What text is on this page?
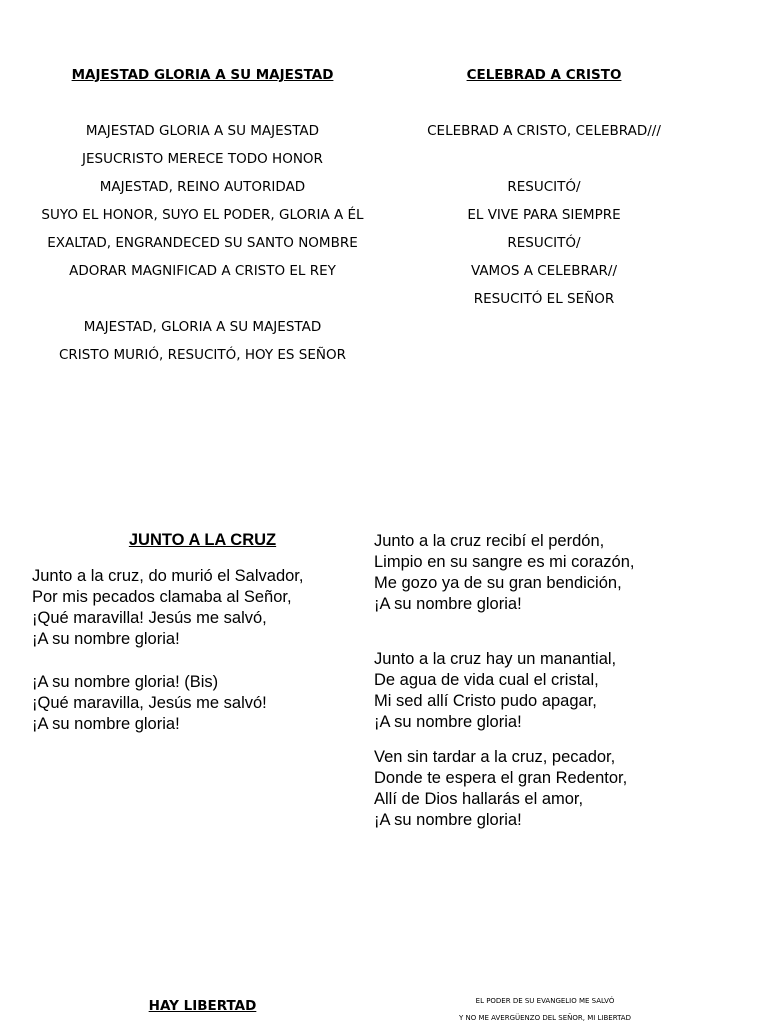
MAJESTAD GLORIA A SU MAJESTAD
MAJESTAD GLORIA A SU MAJESTAD
JESUCRISTO MERECE TODO HONOR
MAJESTAD, REINO AUTORIDAD
SUYO EL HONOR, SUYO EL PODER, GLORIA A ÉL
EXALTAD, ENGRANDECED SU SANTO NOMBRE
ADORAR MAGNIFICAD A CRISTO EL REY
MAJESTAD, GLORIA A SU MAJESTAD
CRISTO MURIÓ, RESUCITÓ, HOY ES SEÑOR
CELEBRAD A CRISTO
CELEBRAD A CRISTO, CELEBRAD///
RESUCITÓ/
EL VIVE PARA SIEMPRE
RESUCITÓ/
VAMOS A CELEBRAR//
RESUCITÓ EL SEÑOR
JUNTO A LA CRUZ
Junto a la cruz, do murió el Salvador,
Por mis pecados clamaba al Señor,
¡Qué maravilla! Jesús me salvó,
¡A su nombre gloria!
¡A su nombre gloria! (Bis)
¡Qué maravilla, Jesús me salvó!
¡A su nombre gloria!
Junto a la cruz recibí el perdón,
Limpio en su sangre es mi corazón,
Me gozo ya de su gran bendición,
¡A su nombre gloria!
Junto a la cruz hay un manantial,
De agua de vida cual el cristal,
Mi sed allí Cristo pudo apagar,
¡A su nombre gloria!
Ven sin tardar a la cruz, pecador,
Donde te espera el gran Redentor,
Allí de Dios hallarás el amor,
¡A su nombre gloria!
HAY LIBERTAD	EL PODER DE SU EVANGELIO ME SALVÓ
Y NO ME AVERGÜENZO DEL SEÑOR, MI LIBERTAD
